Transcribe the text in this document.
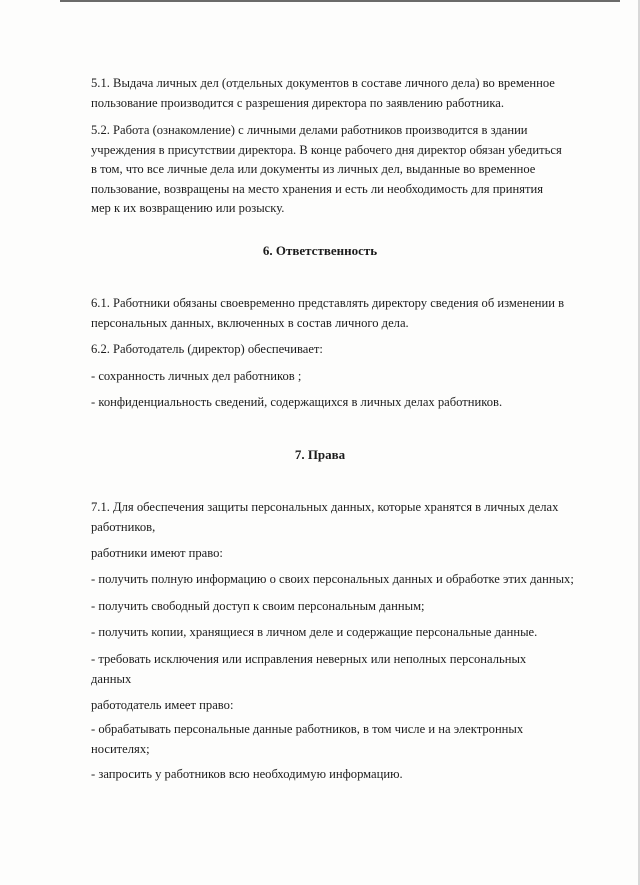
5.1. Выдача личных дел (отдельных документов в составе личного дела) во временное пользование производится с разрешения директора по заявлению работника.

5.2. Работа (ознакомление) с личными делами работников производится в здании учреждения в присутствии директора. В конце рабочего дня директор обязан убедиться в том, что все личные дела или документы из личных дел, выданные во временное пользование, возвращены на место хранения и есть ли необходимость для принятия мер к их возвращению или розыску.

6. Ответственность

6.1. Работники обязаны своевременно представлять директору сведения об изменении в персональных данных, включенных в состав личного дела.

6.2. Работодатель (директор) обеспечивает:

- сохранность личных дел работников ;

- конфиденциальность сведений, содержащихся в личных делах работников.

7. Права

7.1. Для обеспечения защиты персональных данных, которые хранятся в личных делах работников,

работники имеют право:

- получить полную информацию о своих персональных данных и обработке этих данных;

- получить свободный доступ к своим персональным данным;

- получить копии, хранящиеся в личном деле и содержащие персональные данные.

- требовать исключения или исправления неверных или неполных персональных данных

работодатель имеет право:

- обрабатывать персональные данные работников, в том числе и на электронных носителях;

- запросить у работников всю необходимую информацию.
